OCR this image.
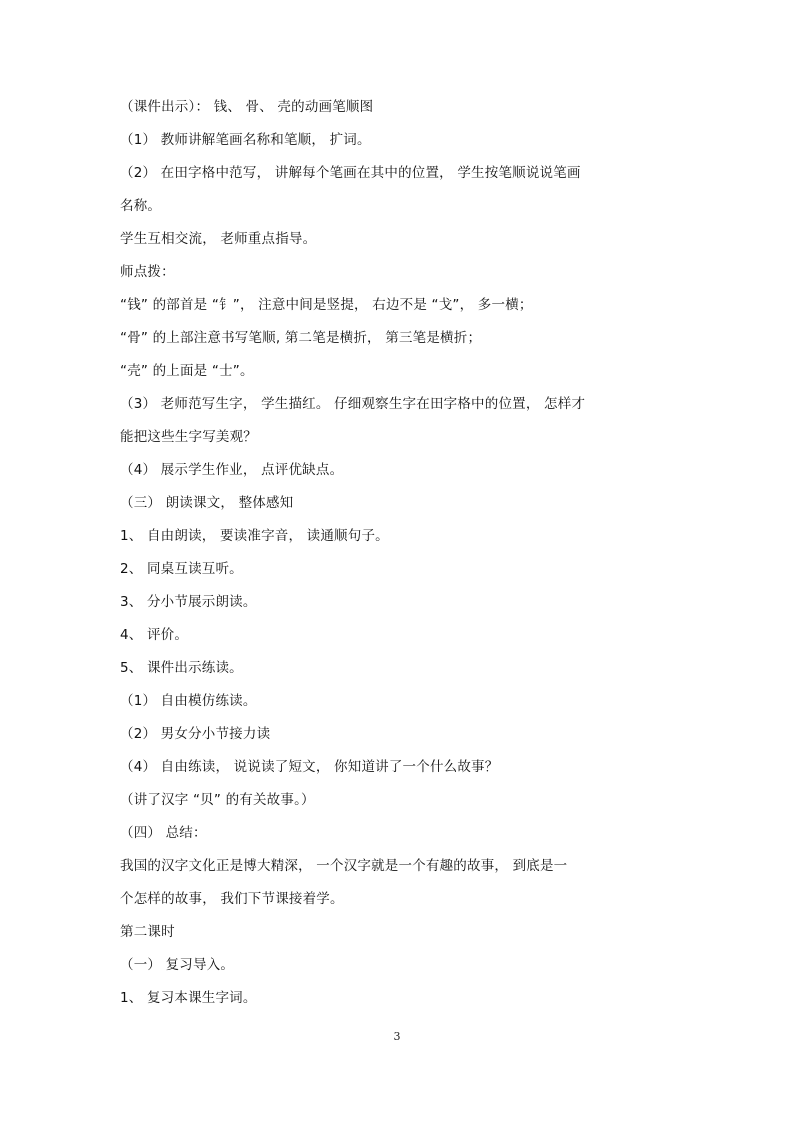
（课件出示）： 钱、 骨、 壳的动画笔顺图
（1） 教师讲解笔画名称和笔顺， 扩词。
（2） 在田字格中范写， 讲解每个笔画在其中的位置， 学生按笔顺说说笔画
名称。
学生互相交流， 老师重点指导。
师点拨：
“钱” 的部首是 “钅”， 注意中间是竖提， 右边不是 “戈”， 多一横；
“骨” 的上部注意书写笔顺, 第二笔是横折， 第三笔是横折；
“壳” 的上面是 “士”。
（3） 老师范写生字， 学生描红。 仔细观察生字在田字格中的位置， 怎样才
能把这些生字写美观？
（4） 展示学生作业， 点评优缺点。
（三） 朗读课文， 整体感知
1、 自由朗读， 要读准字音， 读通顺句子。
2、 同桌互读互听。
3、 分小节展示朗读。
4、 评价。
5、 课件出示练读。
（1） 自由模仿练读。
（2） 男女分小节接力读
（4） 自由练读， 说说读了短文， 你知道讲了一个什么故事？
（讲了汉字 “贝” 的有关故事。）
（四） 总结：
我国的汉字文化正是博大精深， 一个汉字就是一个有趣的故事， 到底是一
个怎样的故事， 我们下节课接着学。
第二课时
（一） 复习导入。
1、 复习本课生字词。
3
